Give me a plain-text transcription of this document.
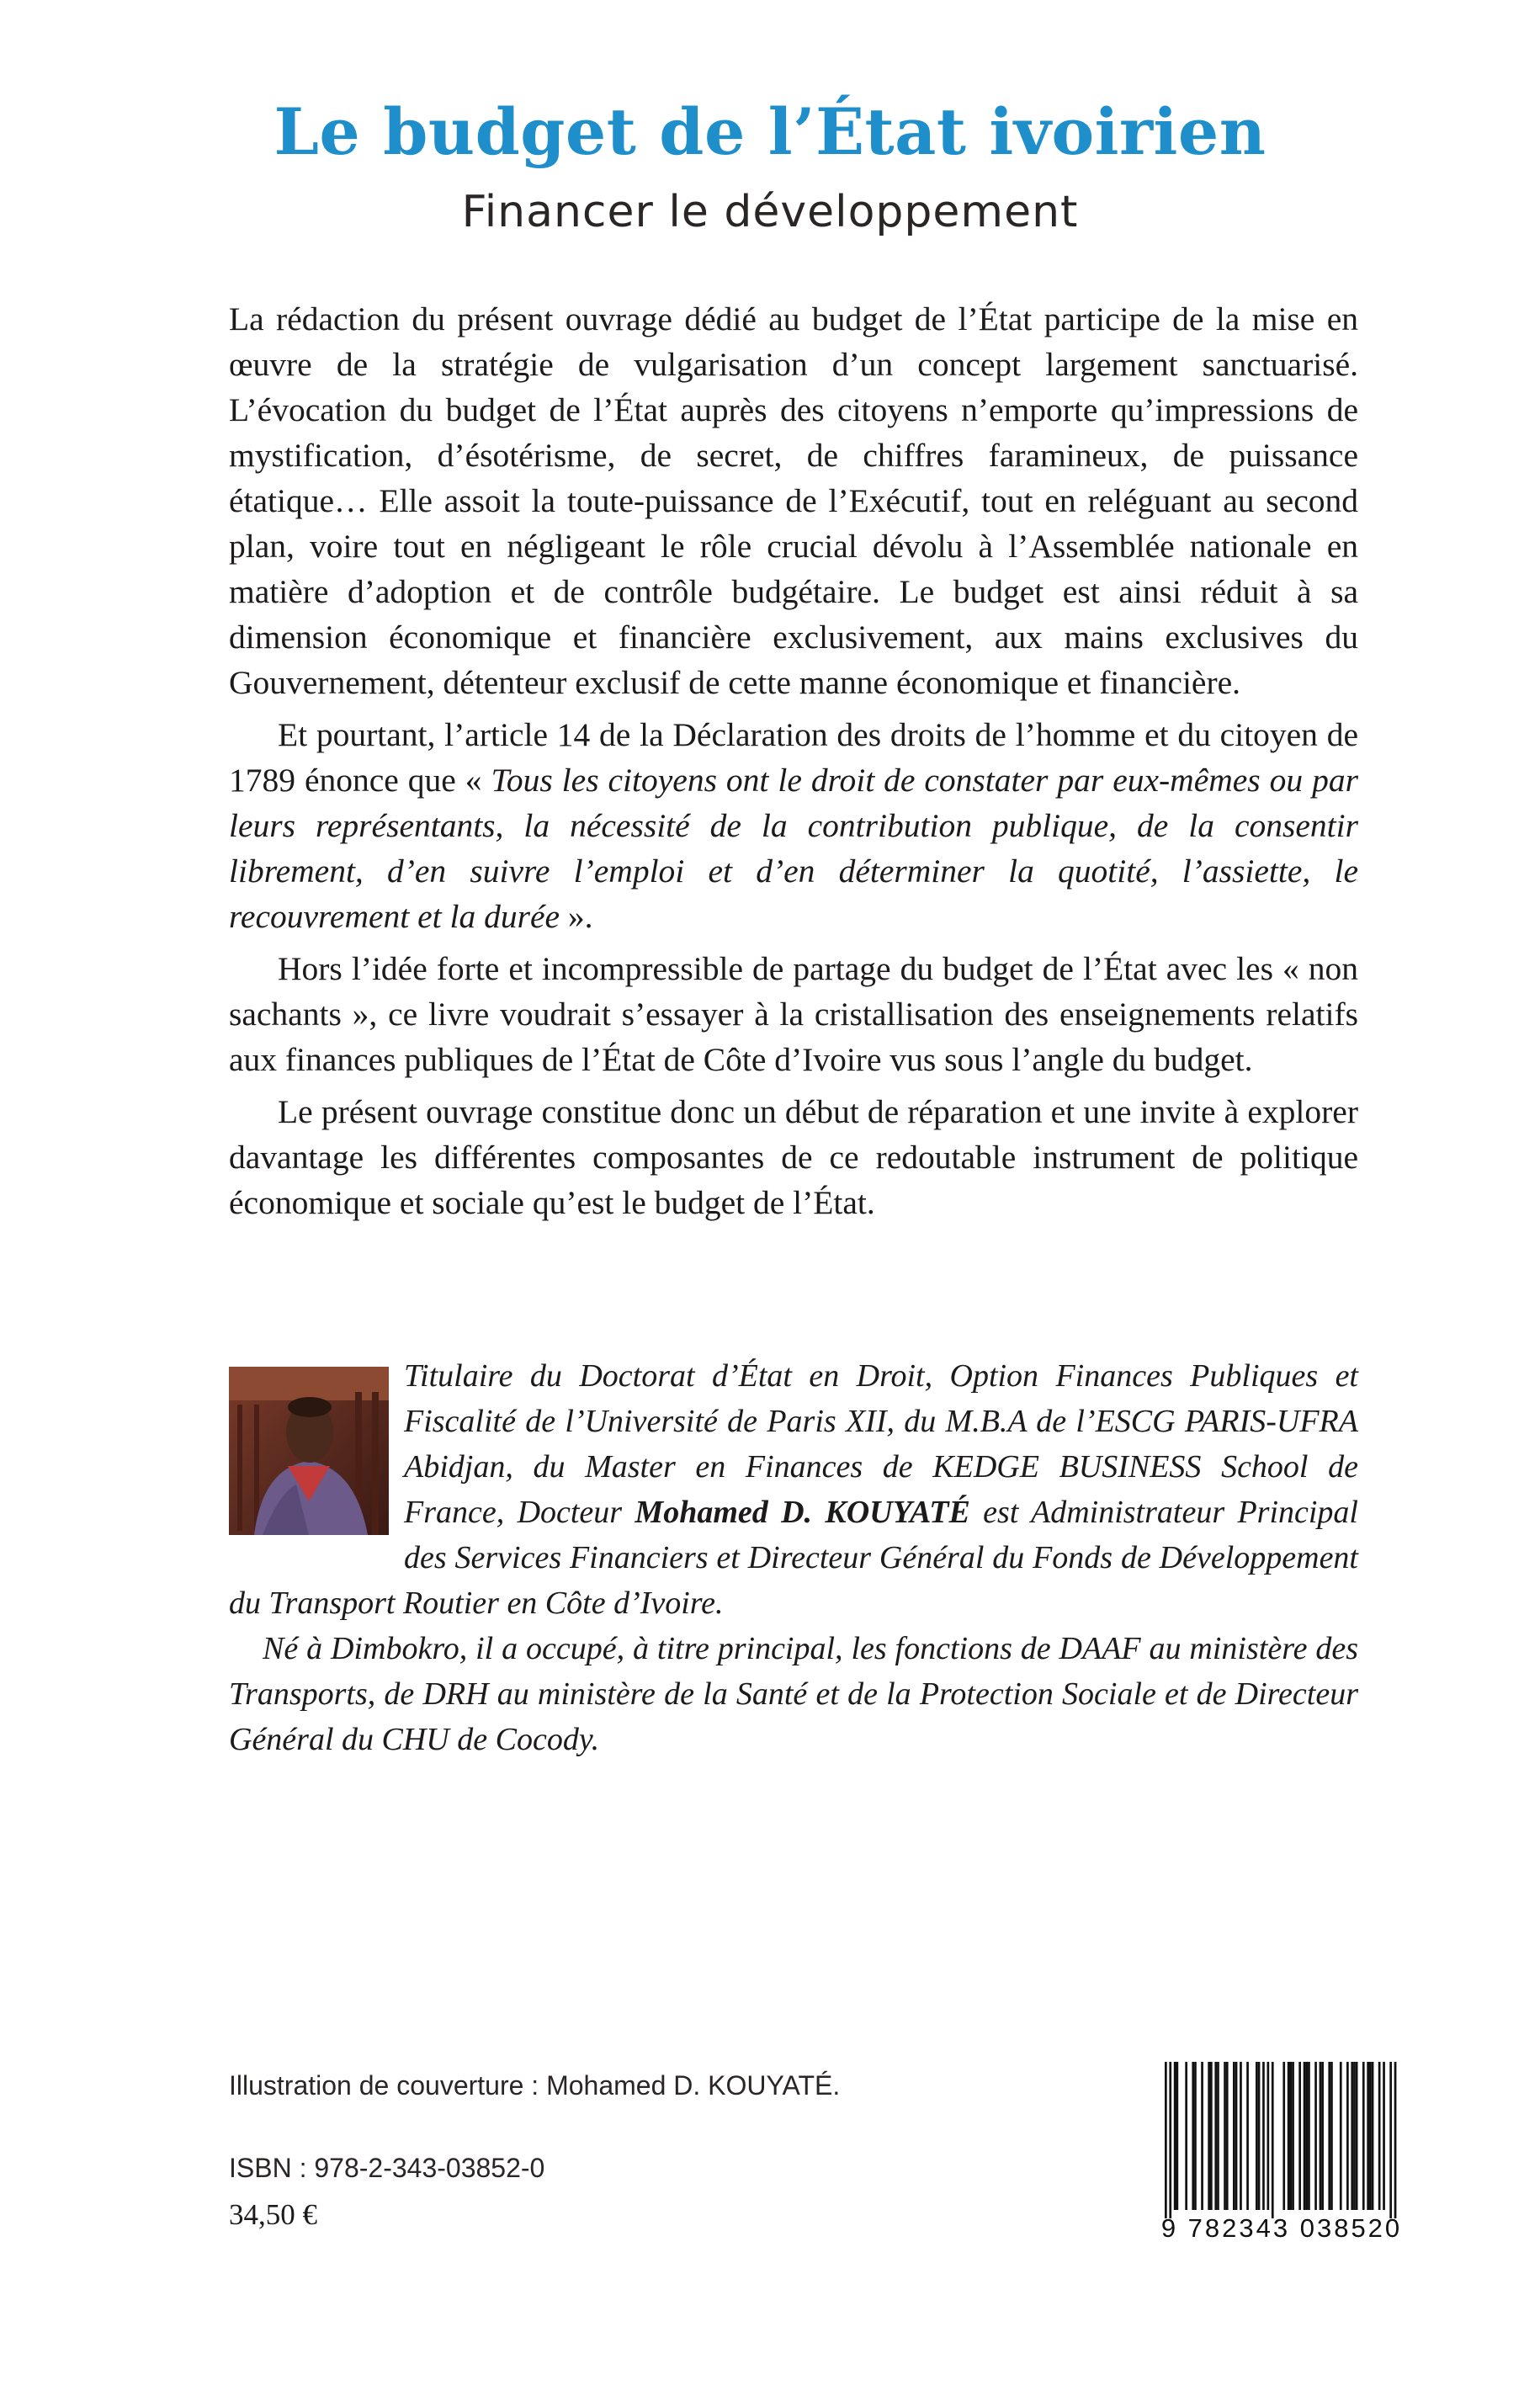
Le budget de l’État ivoirien
Financer le développement

La rédaction du présent ouvrage dédié au budget de l’État participe de la mise en œuvre de la stratégie de vulgarisation d’un concept largement sanctuarisé. L’évocation du budget de l’État auprès des citoyens n’emporte qu’impressions de mystification, d’ésotérisme, de secret, de chiffres faramineux, de puissance étatique… Elle assoit la toute-puissance de l’Exécutif, tout en reléguant au second plan, voire tout en négligeant le rôle crucial dévolu à l’Assemblée nationale en matière d’adoption et de contrôle budgétaire. Le budget est ainsi réduit à sa dimension économique et financière exclusivement, aux mains exclusives du Gouvernement, détenteur exclusif de cette manne économique et financière.

Et pourtant, l’article 14 de la Déclaration des droits de l’homme et du citoyen de 1789 énonce que « Tous les citoyens ont le droit de constater par eux-mêmes ou par leurs représentants, la nécessité de la contribution publique, de la consentir librement, d’en suivre l’emploi et d’en déterminer la quotité, l’assiette, le recouvrement et la durée ».

Hors l’idée forte et incompressible de partage du budget de l’État avec les « non sachants », ce livre voudrait s’essayer à la cristallisation des enseignements relatifs aux finances publiques de l’État de Côte d’Ivoire vus sous l’angle du budget.

Le présent ouvrage constitue donc un début de réparation et une invite à explorer davantage les différentes composantes de ce redoutable instrument de politique économique et sociale qu’est le budget de l’État.

Titulaire du Doctorat d’État en Droit, Option Finances Publiques et Fiscalité de l’Université de Paris XII, du M.B.A de l’ESCG PARIS-UFRA Abidjan, du Master en Finances de KEDGE BUSINESS School de France, Docteur Mohamed D. KOUYATÉ est Administrateur Principal des Services Financiers et Directeur Général du Fonds de Développement du Transport Routier en Côte d’Ivoire.

Né à Dimbokro, il a occupé, à titre principal, les fonctions de DAAF au ministère des Transports, de DRH au ministère de la Santé et de la Protection Sociale et de Directeur Général du CHU de Cocody.

Illustration de couverture : Mohamed D. KOUYATÉ.
ISBN : 978-2-343-03852-0
34,50 €	9 782343 038520
